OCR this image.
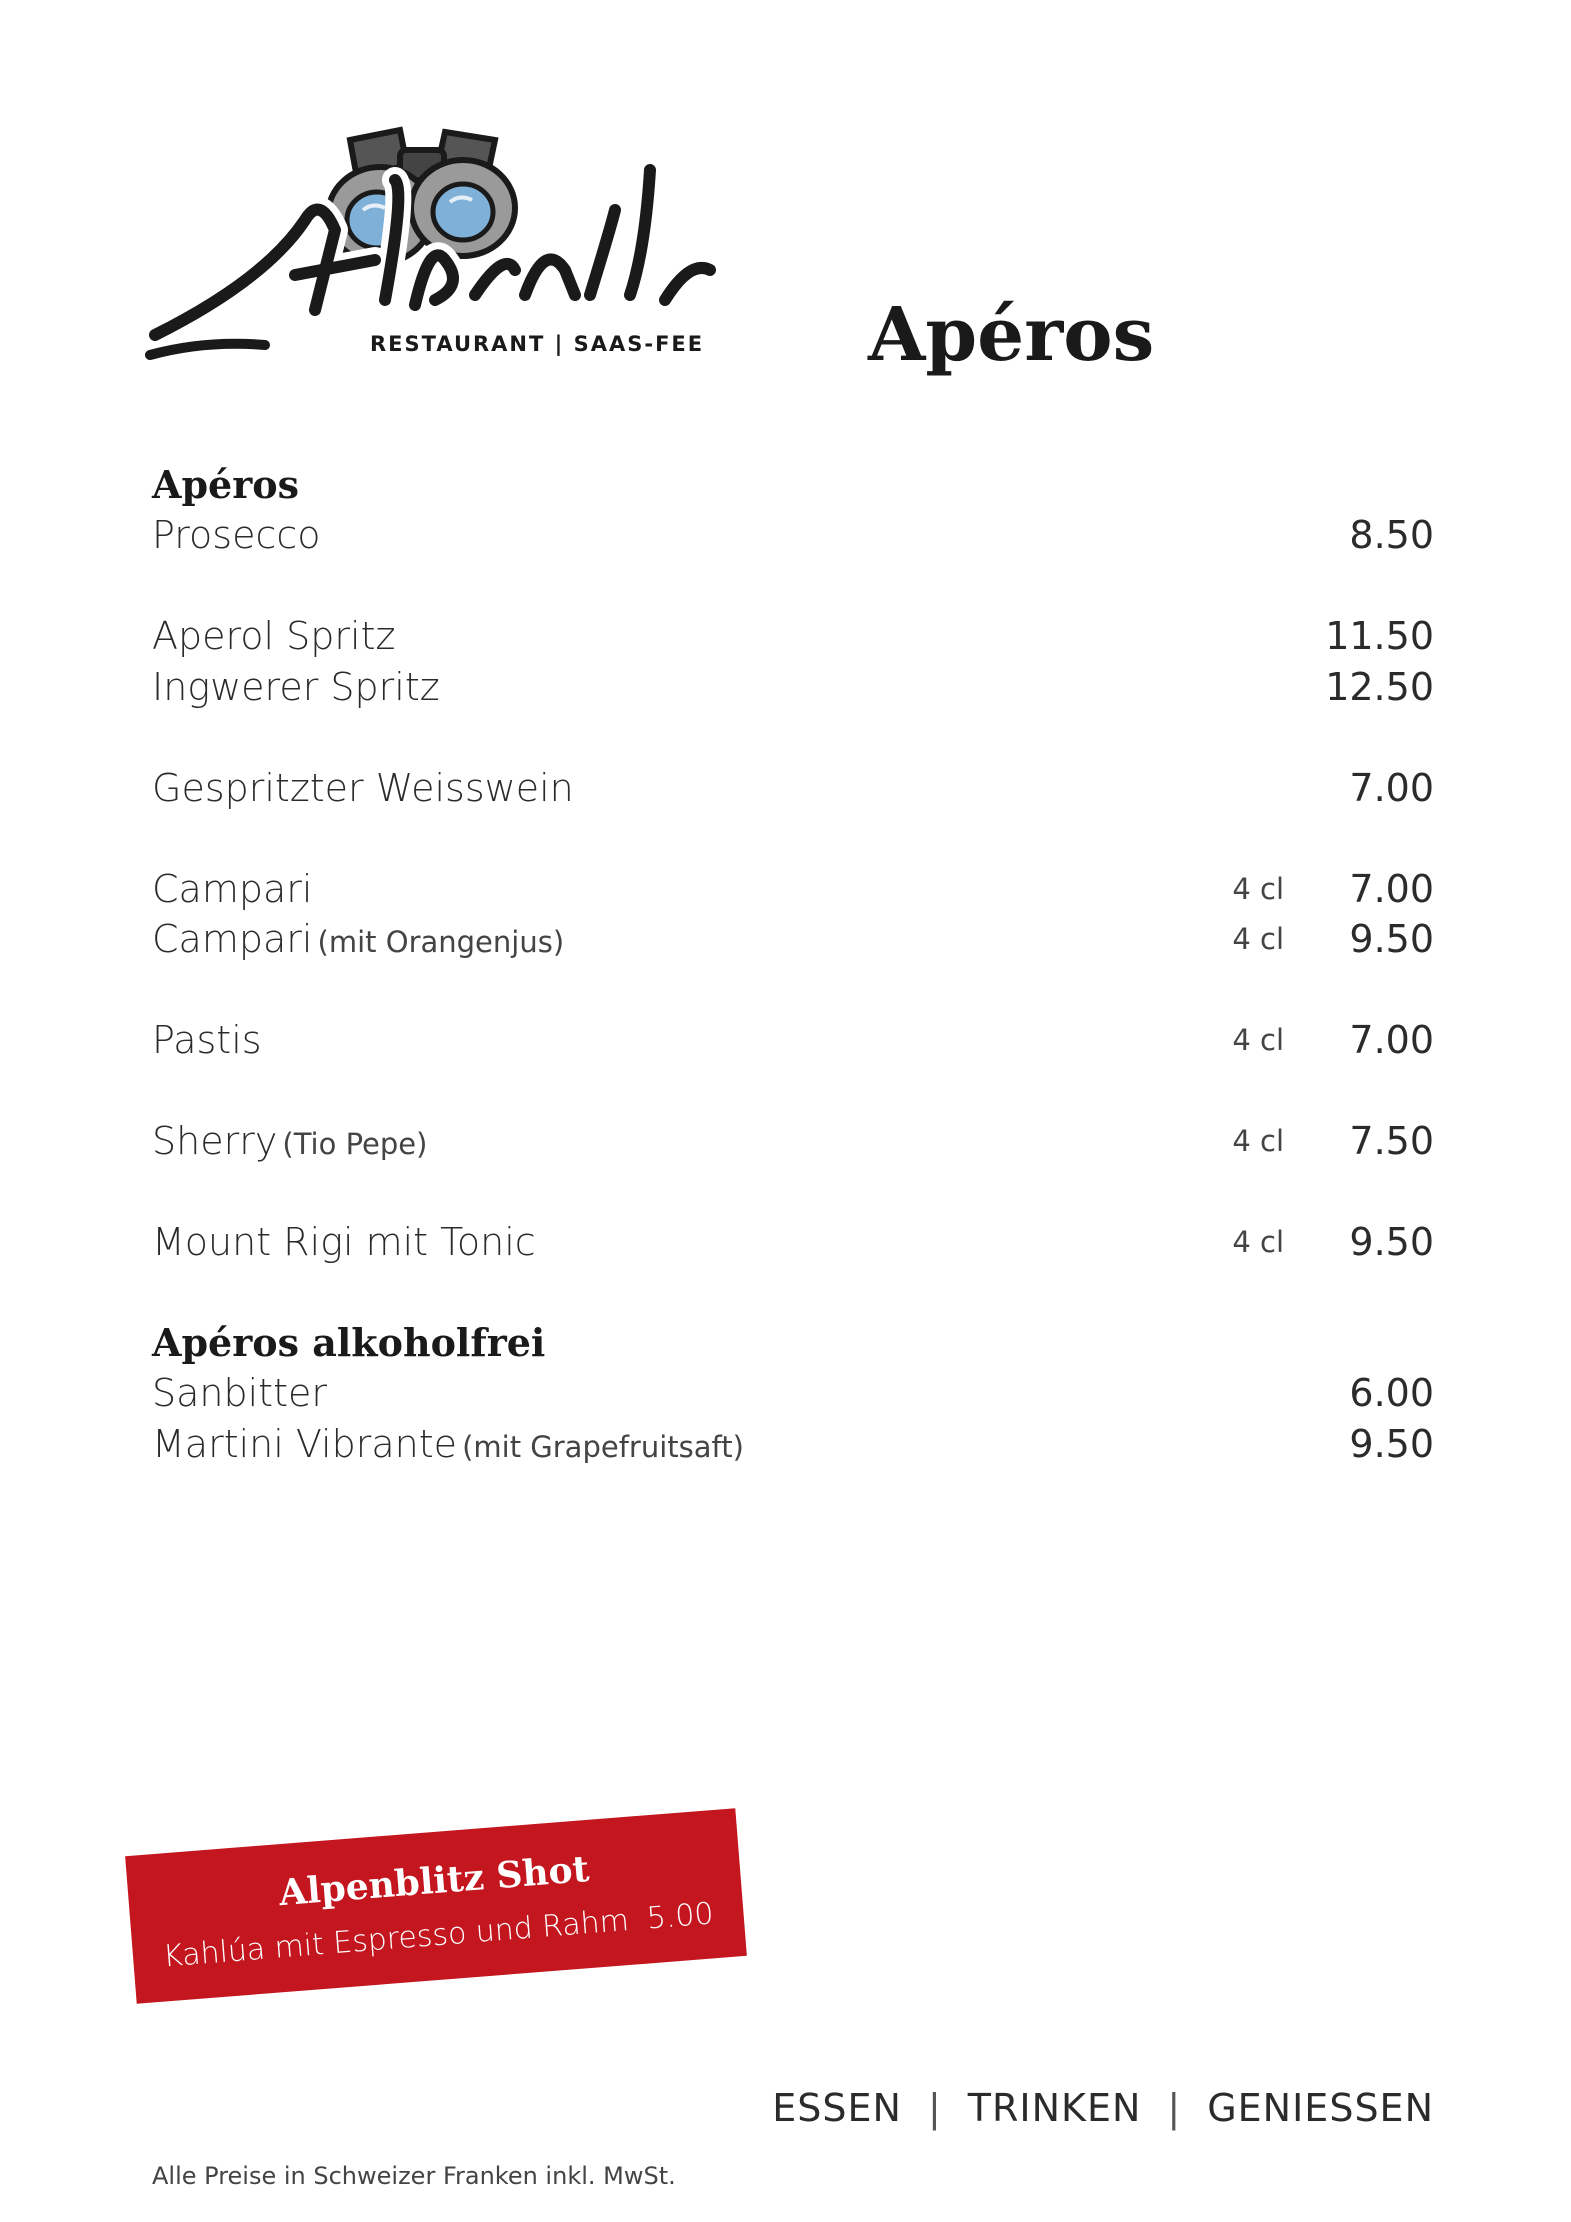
RESTAURANT | SAAS-FEE Apéros
Apéros
Prosecco	8.50
Aperol Spritz	11.50
Ingwerer Spritz	12.50
Gespritzter Weisswein	7.00
Campari	4 cl 7.00
Campari (mit Orangenjus)	4 cl 9.50
Pastis	4 cl 7.00
Sherry (Tio Pepe)	4 cl 7.50
Mount Rigi mit Tonic	4 cl 9.50
Apéros alkoholfrei
Sanbitter	6.00
Martini Vibrante (mit Grapefruitsaft)	9.50
Alpenblitz Shot
Kahlúa mit Espresso und Rahm 5.00
ESSEN | TRINKEN | GENIESSEN
Alle Preise in Schweizer Franken inkl. MwSt.
